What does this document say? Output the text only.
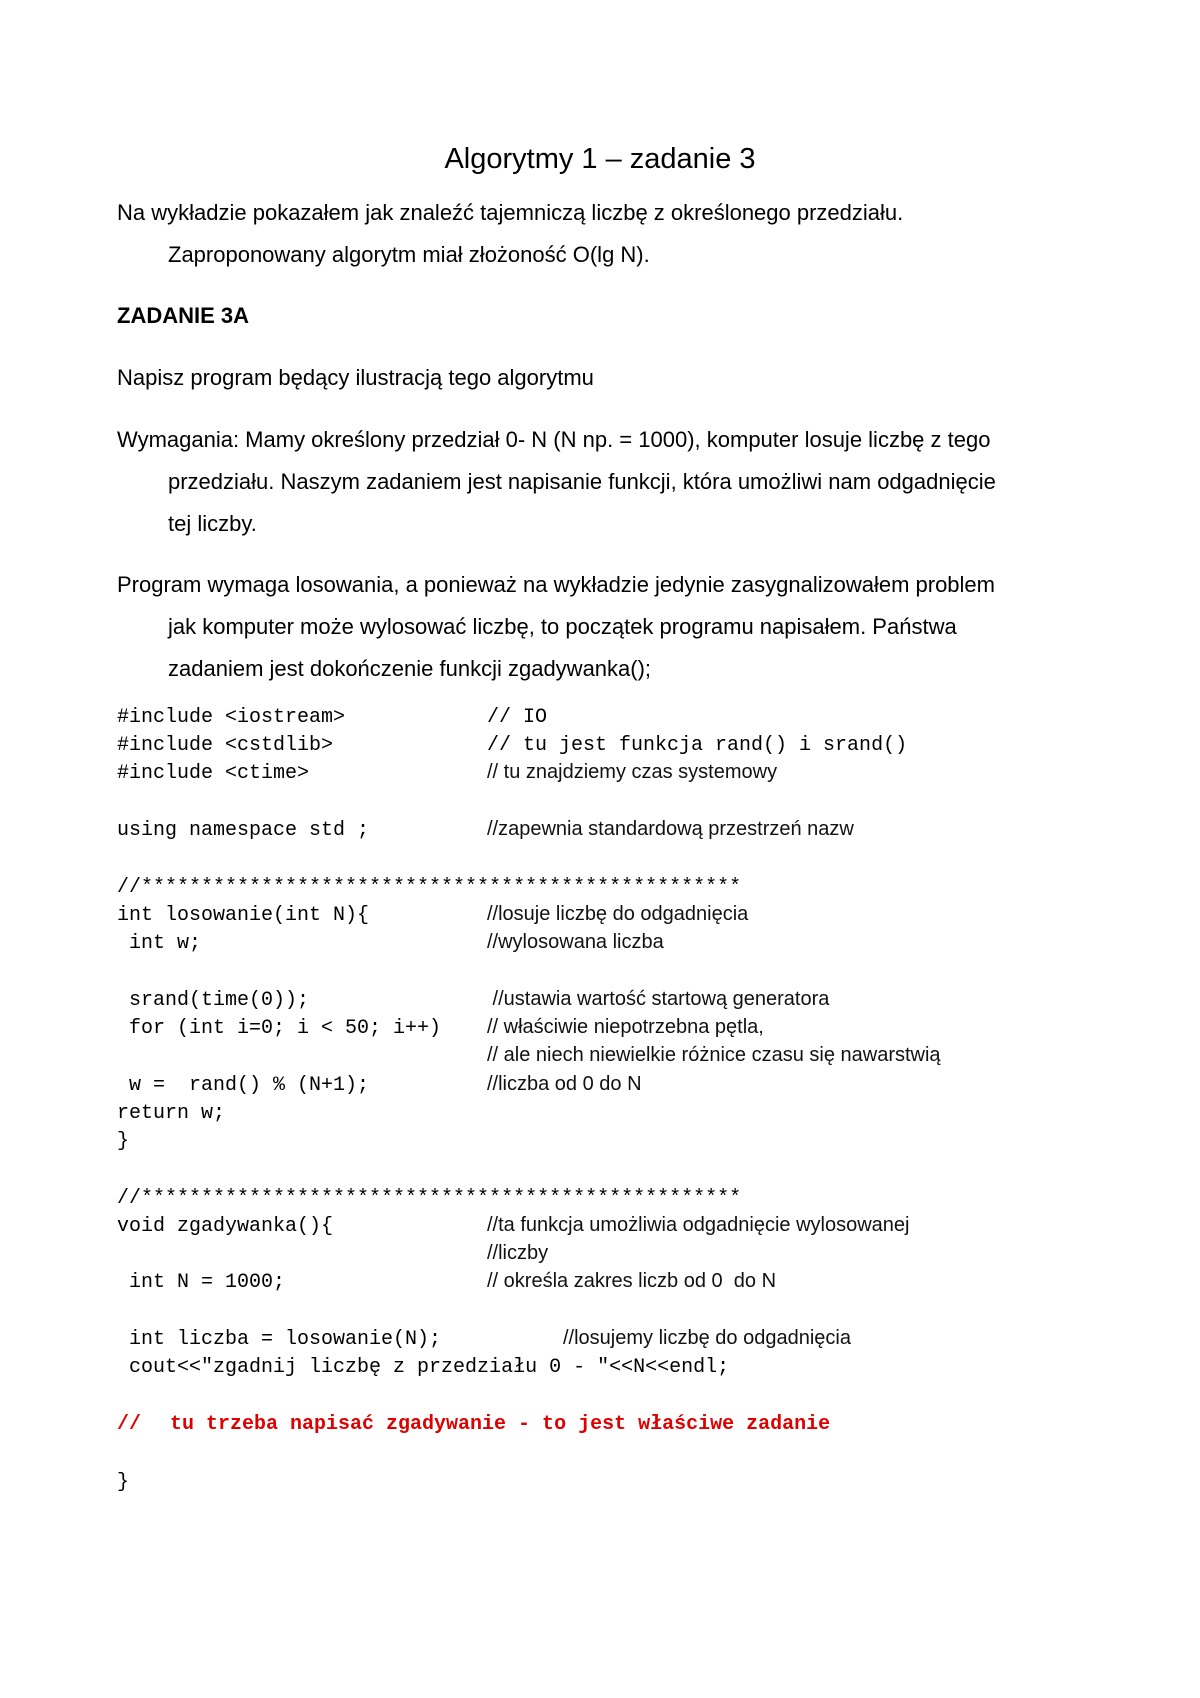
Algorytmy 1 – zadanie 3
Na wykładzie pokazałem jak znaleźć tajemniczą liczbę z określonego przedziału.
Zaproponowany algorytm miał złożoność O(lg N).
ZADANIE 3A
Napisz program będący ilustracją tego algorytmu
Wymagania: Mamy określony przedział 0- N (N np. = 1000), komputer losuje liczbę z tego
przedziału. Naszym zadaniem jest napisanie funkcji, która umożliwi nam odgadnięcie
tej liczby.
Program wymaga losowania, a ponieważ na wykładzie jedynie zasygnalizowałem problem
jak komputer może wylosować liczbę, to początek programu napisałem. Państwa
zadaniem jest dokończenie funkcji zgadywanka();
#include <iostream>	// IO
#include <cstdlib>	// tu jest funkcja rand() i srand()
#include <ctime>	// tu znajdziemy czas systemowy
using namespace std ;	//zapewnia standardową przestrzeń nazw
//**************************************************
int losowanie(int N){	//losuje liczbę do odgadnięcia
int w;	//wylosowana liczba
srand(time(0));	//ustawia wartość startową generatora
for (int i=0; i < 50; i++) // właściwie niepotrzebna pętla,
// ale niech niewielkie różnice czasu się nawarstwią
w =  rand() % (N+1);	//liczba od 0 do N
return w;
}
//**************************************************
void zgadywanka(){	//ta funkcja umożliwia odgadnięcie wylosowanej
//liczby
int N = 1000;	// określa zakres liczb od 0  do N
int liczba = losowanie(N);	//losujemy liczbę do odgadnięcia
cout<<"zgadnij liczbę z przedziału 0 - "<<N<<endl;
// tu trzeba napisać zgadywanie - to jest właściwe zadanie
}
